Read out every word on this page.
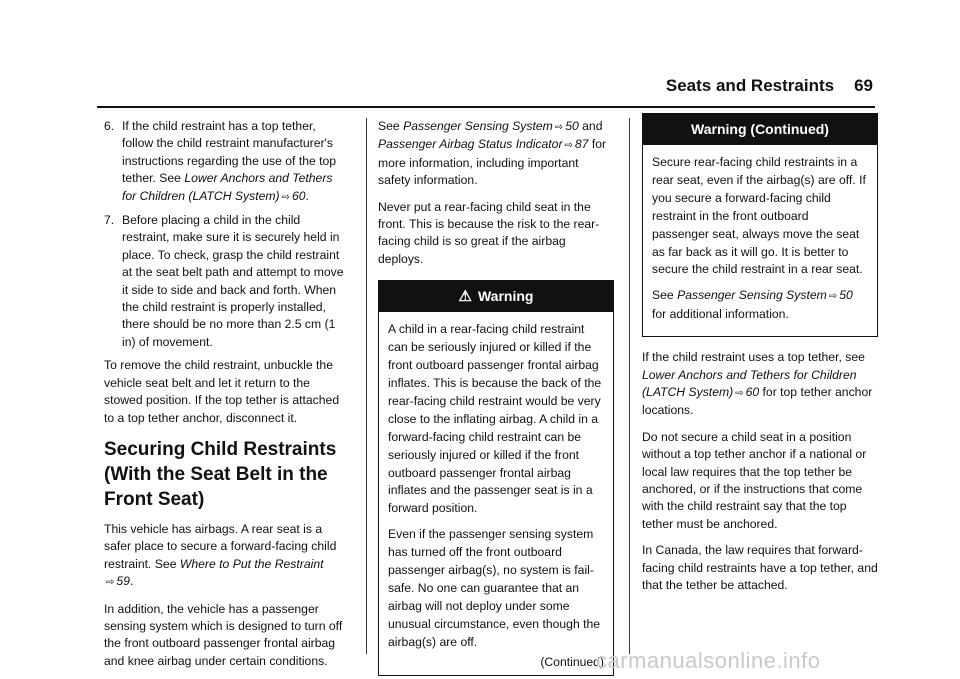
Seats and Restraints 69
6. If the child restraint has a top tether, follow the child restraint manufacturer's instructions regarding the use of the top tether. See Lower Anchors and Tethers for Children (LATCH System) ⇨ 60.
7. Before placing a child in the child restraint, make sure it is securely held in place. To check, grasp the child restraint at the seat belt path and attempt to move it side to side and back and forth. When the child restraint is properly installed, there should be no more than 2.5 cm (1 in) of movement.

To remove the child restraint, unbuckle the vehicle seat belt and let it return to the stowed position. If the top tether is attached to a top tether anchor, disconnect it.

Securing Child Restraints (With the Seat Belt in the Front Seat)

This vehicle has airbags. A rear seat is a safer place to secure a forward-facing child restraint. See Where to Put the Restraint
⇨ 59.

In addition, the vehicle has a passenger sensing system which is designed to turn off the front outboard passenger frontal airbag and knee airbag under certain conditions.

See Passenger Sensing System ⇨ 50 and Passenger Airbag Status Indicator ⇨ 87 for more information, including important safety information.

Never put a rear-facing child seat in the front. This is because the risk to the rear-facing child is so great if the airbag deploys.

⚠ Warning

A child in a rear-facing child restraint can be seriously injured or killed if the front outboard passenger frontal airbag inflates. This is because the back of the rear-facing child restraint would be very close to the inflating airbag. A child in a forward-facing child restraint can be seriously injured or killed if the front outboard passenger frontal airbag inflates and the passenger seat is in a forward position.

Even if the passenger sensing system has turned off the front outboard passenger airbag(s), no system is fail-safe. No one can guarantee that an airbag will not deploy under some unusual circumstance, even though the airbag(s) are off.

(Continued)
Warning (Continued)

Secure rear-facing child restraints in a rear seat, even if the airbag(s) are off. If you secure a forward-facing child restraint in the front outboard passenger seat, always move the seat as far back as it will go. It is better to secure the child restraint in a rear seat.

See Passenger Sensing System ⇨ 50 for additional information.

If the child restraint uses a top tether, see Lower Anchors and Tethers for Children (LATCH System) ⇨ 60 for top tether anchor locations.

Do not secure a child seat in a position without a top tether anchor if a national or local law requires that the top tether be anchored, or if the instructions that come with the child restraint say that the top tether must be anchored.

In Canada, the law requires that forward-facing child restraints have a top tether, and that the tether be attached.

carmanualsonline.info
